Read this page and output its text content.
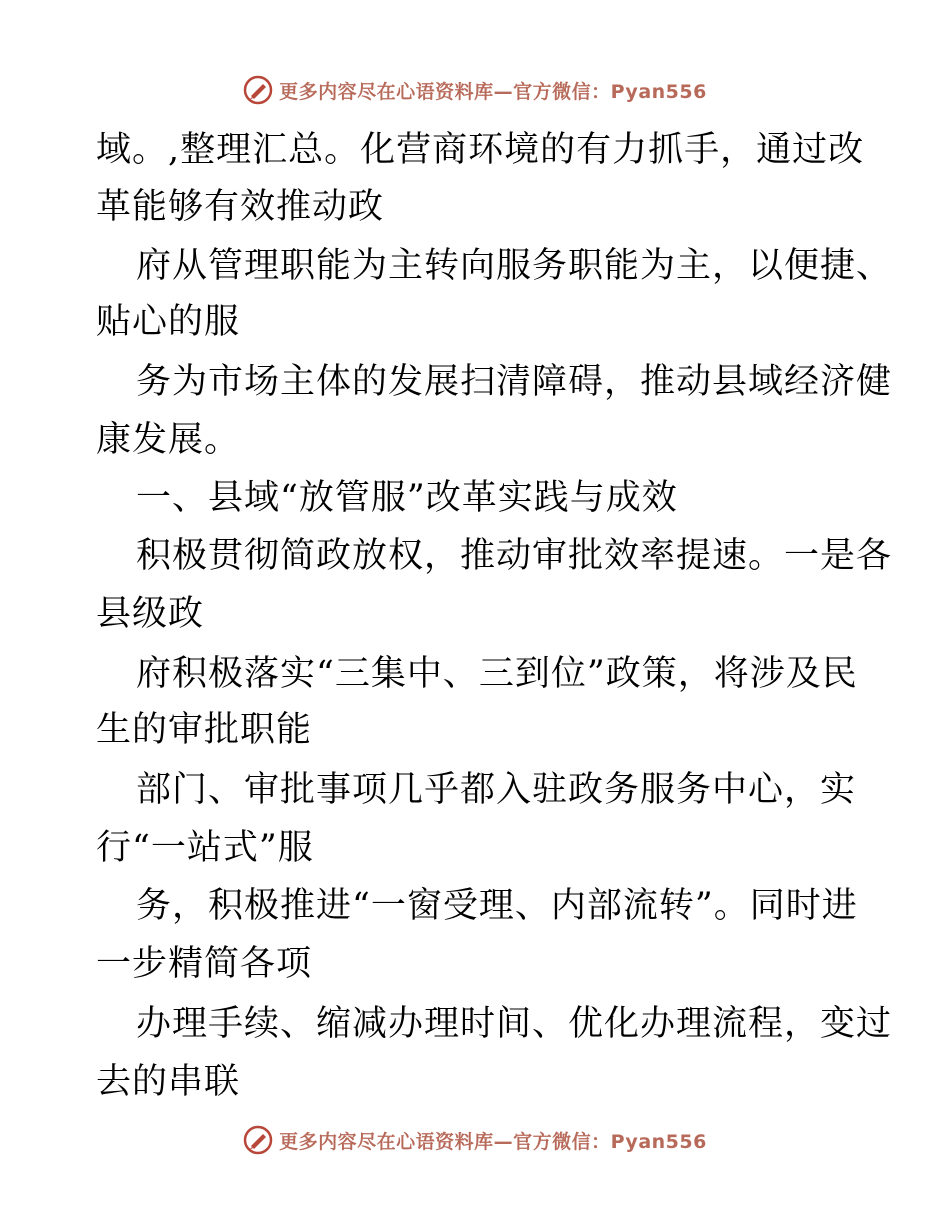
更多内容尽在心语资料库—官方微信：Pyan556
域。,整理汇总。化营商环境的有力抓手，通过改
革能够有效推动政
府从管理职能为主转向服务职能为主，以便捷、
贴心的服
务为市场主体的发展扫清障碍，推动县域经济健
康发展。
一、县域“放管服”改革实践与成效
积极贯彻简政放权，推动审批效率提速。一是各
县级政
府积极落实“三集中、三到位”政策，将涉及民
生的审批职能
部门、审批事项几乎都入驻政务服务中心，实
行“一站式”服
务，积极推进“一窗受理、内部流转”。同时进
一步精简各项
办理手续、缩减办理时间、优化办理流程，变过
去的串联
更多内容尽在心语资料库—官方微信：Pyan556
